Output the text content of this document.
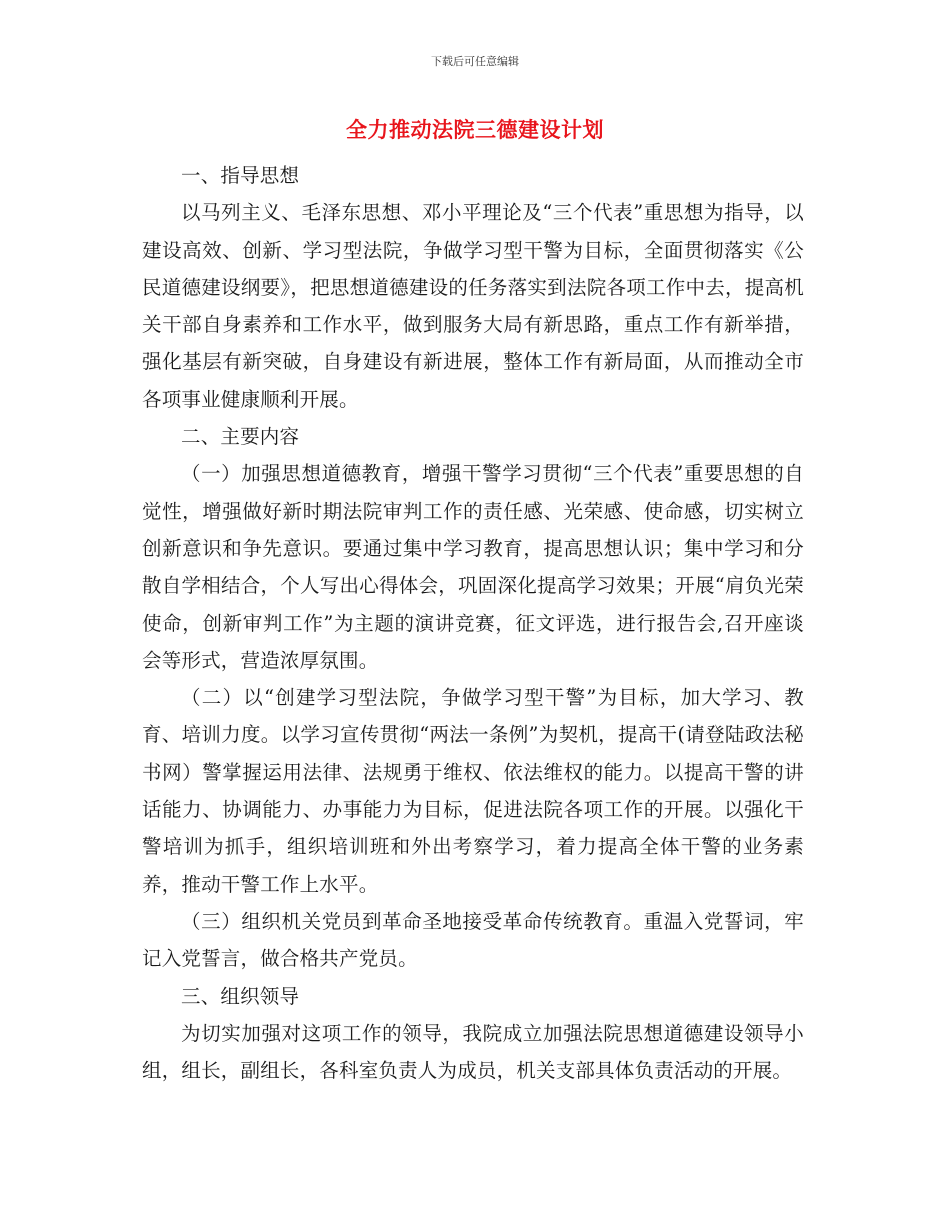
下载后可任意编辑
全力推动法院三德建设计划

一、指导思想

以马列主义、毛泽东思想、邓小平理论及“三个代表”重思想为指导，以建设高效、创新、学习型法院，争做学习型干警为目标，全面贯彻落实《公民道德建设纲要》，把思想道德建设的任务落实到法院各项工作中去，提高机关干部自身素养和工作水平，做到服务大局有新思路，重点工作有新举措，强化基层有新突破，自身建设有新进展，整体工作有新局面，从而推动全市各项事业健康顺利开展。

二、主要内容

（一）加强思想道德教育，增强干警学习贯彻“三个代表”重要思想的自觉性，增强做好新时期法院审判工作的责任感、光荣感、使命感，切实树立创新意识和争先意识。要通过集中学习教育，提高思想认识；集中学习和分散自学相结合，个人写出心得体会，巩固深化提高学习效果；开展“肩负光荣使命，创新审判工作”为主题的演讲竞赛，征文评选，进行报告会,召开座谈会等形式，营造浓厚氛围。

（二）以“创建学习型法院，争做学习型干警”为目标，加大学习、教育、培训力度。以学习宣传贯彻“两法一条例”为契机，提高干(请登陆政法秘书网）警掌握运用法律、法规勇于维权、依法维权的能力。以提高干警的讲话能力、协调能力、办事能力为目标，促进法院各项工作的开展。以强化干警培训为抓手，组织培训班和外出考察学习，着力提高全体干警的业务素养，推动干警工作上水平。

（三）组织机关党员到革命圣地接受革命传统教育。重温入党誓词，牢记入党誓言，做合格共产党员。

三、组织领导

为切实加强对这项工作的领导，我院成立加强法院思想道德建设领导小组，组长，副组长，各科室负责人为成员，机关支部具体负责活动的开展。
